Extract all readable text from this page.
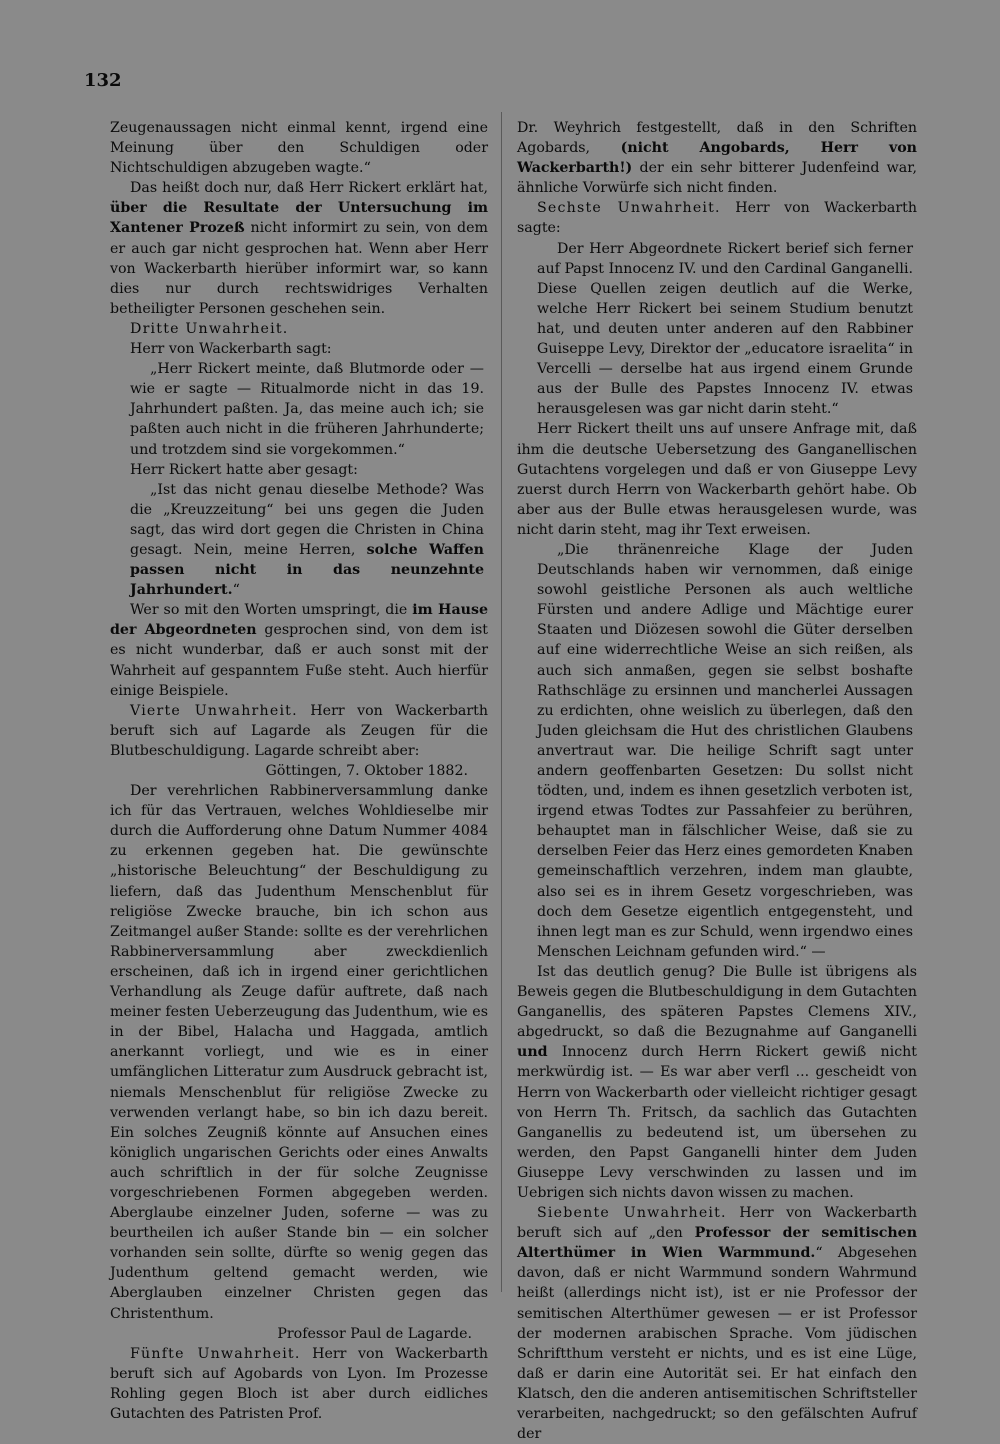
132

Zeugenaussagen nicht einmal kennt, irgend eine Meinung über den Schuldigen oder Nichtschuldigen abzugeben wagte.“

Das heißt doch nur, daß Herr Rickert erklärt hat, über die Resultate der Untersuchung im Xantener Prozeß nicht informirt zu sein, von dem er auch gar nicht gesprochen hat. Wenn aber Herr von Wackerbarth hierüber informirt war, so kann dies nur durch rechtswidriges Verhalten betheiligter Personen geschehen sein.

Dritte Unwahrheit.

Herr von Wackerbarth sagt:

„Herr Rickert meinte, daß Blutmorde oder — wie er sagte — Ritualmorde nicht in das 19. Jahrhundert paßten. Ja, das meine auch ich; sie paßten auch nicht in die früheren Jahrhunderte; und trotzdem sind sie vorgekommen.“

Herr Rickert hatte aber gesagt:

„Ist das nicht genau dieselbe Methode? Was die „Kreuzzeitung“ bei uns gegen die Juden sagt, das wird dort gegen die Christen in China gesagt. Nein, meine Herren, solche Waffen passen nicht in das neunzehnte Jahrhundert.“

Wer so mit den Worten umspringt, die im Hause der Abgeordneten gesprochen sind, von dem ist es nicht wunderbar, daß er auch sonst mit der Wahrheit auf gespanntem Fuße steht. Auch hierfür einige Beispiele.

Vierte Unwahrheit. Herr von Wackerbarth beruft sich auf Lagarde als Zeugen für die Blutbeschuldigung. Lagarde schreibt aber:

Göttingen, 7. Oktober 1882.

Der verehrlichen Rabbinerversammlung danke ich für das Vertrauen, welches Wohldieselbe mir durch die Aufforderung ohne Datum Nummer 4084 zu erkennen gegeben hat. Die gewünschte „historische Beleuchtung“ der Beschuldigung zu liefern, daß das Judenthum Menschenblut für religiöse Zwecke brauche, bin ich schon aus Zeitmangel außer Stande: sollte es der verehrlichen Rabbinerversammlung aber zweckdienlich erscheinen, daß ich in irgend einer gerichtlichen Verhandlung als Zeuge dafür auftrete, daß nach meiner festen Ueberzeugung das Judenthum, wie es in der Bibel, Halacha und Haggada, amtlich anerkannt vorliegt, und wie es in einer umfänglichen Litteratur zum Ausdruck gebracht ist, niemals Menschenblut für religiöse Zwecke zu verwenden verlangt habe, so bin ich dazu bereit. Ein solches Zeugniß könnte auf Ansuchen eines königlich ungarischen Gerichts oder eines Anwalts auch schriftlich in der für solche Zeugnisse vorgeschriebenen Formen abgegeben werden. Aberglaube einzelner Juden, soferne — was zu beurtheilen ich außer Stande bin — ein solcher vorhanden sein sollte, dürfte so wenig gegen das Judenthum geltend gemacht werden, wie Aberglauben einzelner Christen gegen das Christenthum.

Professor Paul de Lagarde.

Fünfte Unwahrheit. Herr von Wackerbarth beruft sich auf Agobards von Lyon. Im Prozesse Rohling gegen Bloch ist aber durch eidliches Gutachten des Patristen Prof.

Dr. Weyhrich festgestellt, daß in den Schriften Agobards, (nicht Angobards, Herr von Wackerbarth!) der ein sehr bitterer Judenfeind war, ähnliche Vorwürfe sich nicht finden.

Sechste Unwahrheit. Herr von Wackerbarth sagte:

Der Herr Abgeordnete Rickert berief sich ferner auf Papst Innocenz IV. und den Cardinal Ganganelli. Diese Quellen zeigen deutlich auf die Werke, welche Herr Rickert bei seinem Studium benutzt hat, und deuten unter anderen auf den Rabbiner Guiseppe Levy, Direktor der „educatore israelita“ in Vercelli — derselbe hat aus irgend einem Grunde aus der Bulle des Papstes Innocenz IV. etwas herausgelesen was gar nicht darin steht.“

Herr Rickert theilt uns auf unsere Anfrage mit, daß ihm die deutsche Uebersetzung des Ganganellischen Gutachtens vorgelegen und daß er von Giuseppe Levy zuerst durch Herrn von Wackerbarth gehört habe. Ob aber aus der Bulle etwas herausgelesen wurde, was nicht darin steht, mag ihr Text erweisen.

„Die thränenreiche Klage der Juden Deutschlands haben wir vernommen, daß einige sowohl geistliche Personen als auch weltliche Fürsten und andere Adlige und Mächtige eurer Staaten und Diözesen sowohl die Güter derselben auf eine widerrechtliche Weise an sich reißen, als auch sich anmaßen, gegen sie selbst boshafte Rathschläge zu ersinnen und mancherlei Aussagen zu erdichten, ohne weislich zu überlegen, daß den Juden gleichsam die Hut des christlichen Glaubens anvertraut war. Die heilige Schrift sagt unter andern geoffenbarten Gesetzen: Du sollst nicht tödten, und, indem es ihnen gesetzlich verboten ist, irgend etwas Todtes zur Passahfeier zu berühren, behauptet man in fälschlicher Weise, daß sie zu derselben Feier das Herz eines gemordeten Knaben gemeinschaftlich verzehren, indem man glaubte, also sei es in ihrem Gesetz vorgeschrieben, was doch dem Gesetze eigentlich entgegensteht, und ihnen legt man es zur Schuld, wenn irgendwo eines Menschen Leichnam gefunden wird.“ —

Ist das deutlich genug? Die Bulle ist übrigens als Beweis gegen die Blutbeschuldigung in dem Gutachten Ganganellis, des späteren Papstes Clemens XIV., abgedruckt, so daß die Bezugnahme auf Ganganelli und Innocenz durch Herrn Rickert gewiß nicht merkwürdig ist. — Es war aber verfl ... gescheidt von Herrn von Wackerbarth oder vielleicht richtiger gesagt von Herrn Th. Fritsch, da sachlich das Gutachten Ganganellis zu bedeutend ist, um übersehen zu werden, den Papst Ganganelli hinter dem Juden Giuseppe Levy verschwinden zu lassen und im Uebrigen sich nichts davon wissen zu machen.

Siebente Unwahrheit. Herr von Wackerbarth beruft sich auf „den Professor der semitischen Alterthümer in Wien Warmmund.“ Abgesehen davon, daß er nicht Warmmund sondern Wahrmund heißt (allerdings nicht ist), ist er nie Professor der semitischen Alterthümer gewesen — er ist Professor der modernen arabischen Sprache. Vom jüdischen Schriftthum versteht er nichts, und es ist eine Lüge, daß er darin eine Autorität sei. Er hat einfach den Klatsch, den die anderen antisemitischen Schriftsteller verarbeiten, nachgedruckt; so den gefälschten Aufruf der
